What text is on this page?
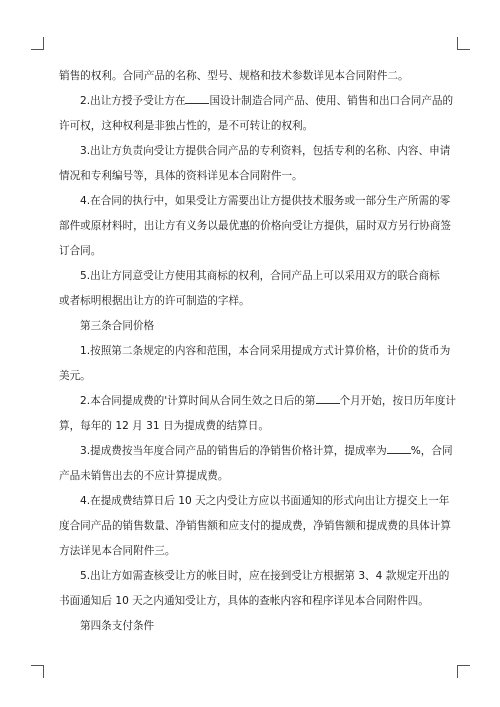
销售的权利。合同产品的名称、型号、规格和技术参数详见本合同附件二。
2.出让方授予受让方在 国设计制造合同产品、使用、销售和出口合同产品的
许可权，这种权利是非独占性的，是不可转让的权利。
3.出让方负责向受让方提供合同产品的专利资料，包括专利的名称、内容、申请
情况和专利编号等，具体的资料详见本合同附件一。
4.在合同的执行中，如果受让方需要出让方提供技术服务或一部分生产所需的零
部件或原材料时，出让方有义务以最优惠的价格向受让方提供，届时双方另行协商签
订合同。
5.出让方同意受让方使用其商标的权利，合同产品上可以采用双方的联合商标
或者标明根据出让方的许可制造的字样。
第三条合同价格
1.按照第二条规定的内容和范围，本合同采用提成方式计算价格，计价的货币为
美元。
2.本合同提成费的'计算时间从合同生效之日后的第 个月开始，按日历年度计
算，每年的 12 月 31 日为提成费的结算日。
3.提成费按当年度合同产品的销售后的净销售价格计算，提成率为 %，合同
产品未销售出去的不应计算提成费。
4.在提成费结算日后 10 天之内受让方应以书面通知的形式向出让方提交上一年
度合同产品的销售数量、净销售额和应支付的提成费，净销售额和提成费的具体计算
方法详见本合同附件三。
5.出让方如需查核受让方的帐目时，应在接到受让方根据第 3、4 款规定开出的
书面通知后 10 天之内通知受让方，具体的查帐内容和程序详见本合同附件四。
第四条支付条件
